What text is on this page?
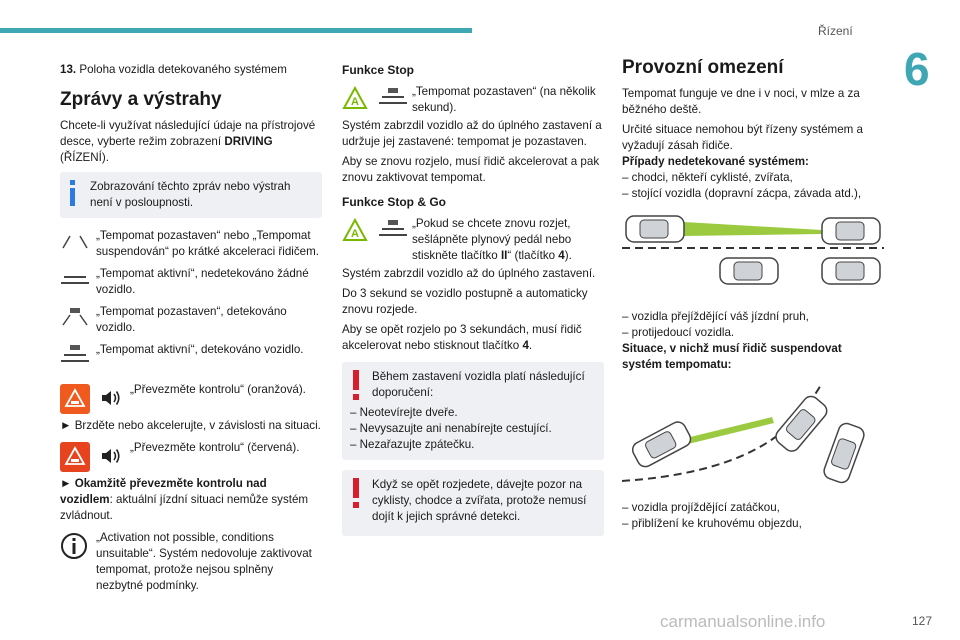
Řízení
6

13. Poloha vozidla detekovaného systémem

Zprávy a výstrahy

Chcete-li využívat následující údaje na přístrojové desce, vyberte režim zobrazení DRIVING (ŘÍZENÍ).

Zobrazování těchto zpráv nebo výstrah není v posloupnosti.
„Tempomat pozastaven“ nebo „Tempomat suspendován“ po krátké akceleraci řidičem.
„Tempomat aktivní“, nedetekováno žádné vozidlo.
„Tempomat pozastaven“, detekováno vozidlo.
„Tempomat aktivní“, detekováno vozidlo.
„Převezměte kontrolu“ (oranžová).

► Brzděte nebo akcelerujte, v závislosti na situaci.

„Převezměte kontrolu“ (červená).

► Okamžitě převezměte kontrolu nad vozidlem: aktuální jízdní situaci nemůže systém zvládnout.

„Activation not possible, conditions unsuitable“. Systém nedovoluje zaktivovat tempomat, protože nejsou splněny nezbytné podmínky.
Funkce Stop
A
„Tempomat pozastaven“ (na několik sekund).

Systém zabrzdil vozidlo až do úplného zastavení a udržuje jej zastavené: tempomat je pozastaven.

Aby se znovu rozjelo, musí řidič akcelerovat a pak znovu zaktivovat tempomat.

Funkce Stop & Go
A
„Pokud se chcete znovu rozjet, sešlápněte plynový pedál nebo stiskněte tlačítko II“ (tlačítko 4).

Systém zabrzdil vozidlo až do úplného zastavení.

Do 3 sekund se vozidlo postupně a automaticky znovu rozjede.

Aby se opět rozjelo po 3 sekundách, musí řidič akcelerovat nebo stisknout tlačítko 4.

Během zastavení vozidla platí následující doporučení:

– Neotevírejte dveře.

– Nevysazujte ani nenabírejte cestující.

– Nezařazujte zpátečku.

Když se opět rozjedete, dávejte pozor na cyklisty, chodce a zvířata, protože nemusí dojít k jejich správné detekci.

Provozní omezení

Tempomat funguje ve dne i v noci, v mlze a za běžného deště.

Určité situace nemohou být řízeny systémem a vyžadují zásah řidiče.

Případy nedetekované systémem:

– chodci, někteří cyklisté, zvířata,

– stojící vozidla (dopravní zácpa, závada atd.),

– vozidla přejíždějící váš jízdní pruh,

– protijedoucí vozidla.

Situace, v nichž musí řidič suspendovat systém tempomatu:

– vozidla projíždějící zatáčkou,

– přiblížení ke kruhovému objezdu,

127
carmanualsonline.info
